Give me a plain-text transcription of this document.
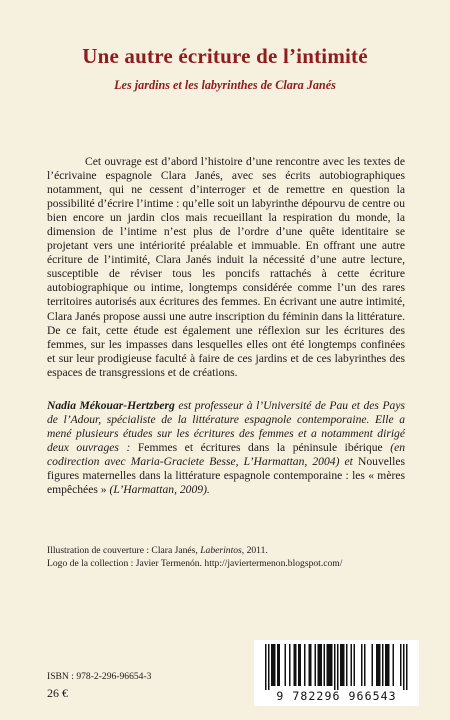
Une autre écriture de l’intimité
Les jardins et les labyrinthes de Clara Janés

Cet ouvrage est d’abord l’histoire d’une rencontre avec les textes de l’écrivaine espagnole Clara Janés, avec ses écrits autobiographiques notamment, qui ne cessent d’interroger et de remettre en question la possibilité d’écrire l’intime : qu’elle soit un labyrinthe dépourvu de centre ou bien encore un jardin clos mais recueillant la respiration du monde, la dimension de l’intime n’est plus de l’ordre d’une quête identitaire se projetant vers une intériorité préalable et immuable. En offrant une autre écriture de l’intimité, Clara Janés induit la nécessité d’une autre lecture, susceptible de réviser tous les poncifs rattachés à cette écriture autobiographique ou intime, longtemps considérée comme l’un des rares territoires autorisés aux écritures des femmes. En écrivant une autre intimité, Clara Janés propose aussi une autre inscription du féminin dans la littérature. De ce fait, cette étude est également une réflexion sur les écritures des femmes, sur les impasses dans lesquelles elles ont été longtemps confinées et sur leur prodigieuse faculté à faire de ces jardins et de ces labyrinthes des espaces de transgressions et de créations.

Nadia Mékouar-Hertzberg est professeur à l’Université de Pau et des Pays de l’Adour, spécialiste de la littérature espagnole contemporaine. Elle a mené plusieurs études sur les écritures des femmes et a notamment dirigé deux ouvrages : Femmes et écritures dans la péninsule ibérique (en codirection avec Maria-Graciete Besse, L’Harmattan, 2004) et Nouvelles figures maternelles dans la littérature espagnole contemporaine : les « mères empêchées » (L’Harmattan, 2009).

Illustration de couverture : Clara Janés, Laberintos, 2011.
Logo de la collection : Javier Termenón. http://javiertermenon.blogspot.com/
ISBN : 978-2-296-96654-3
26 €	9 782296 966543
